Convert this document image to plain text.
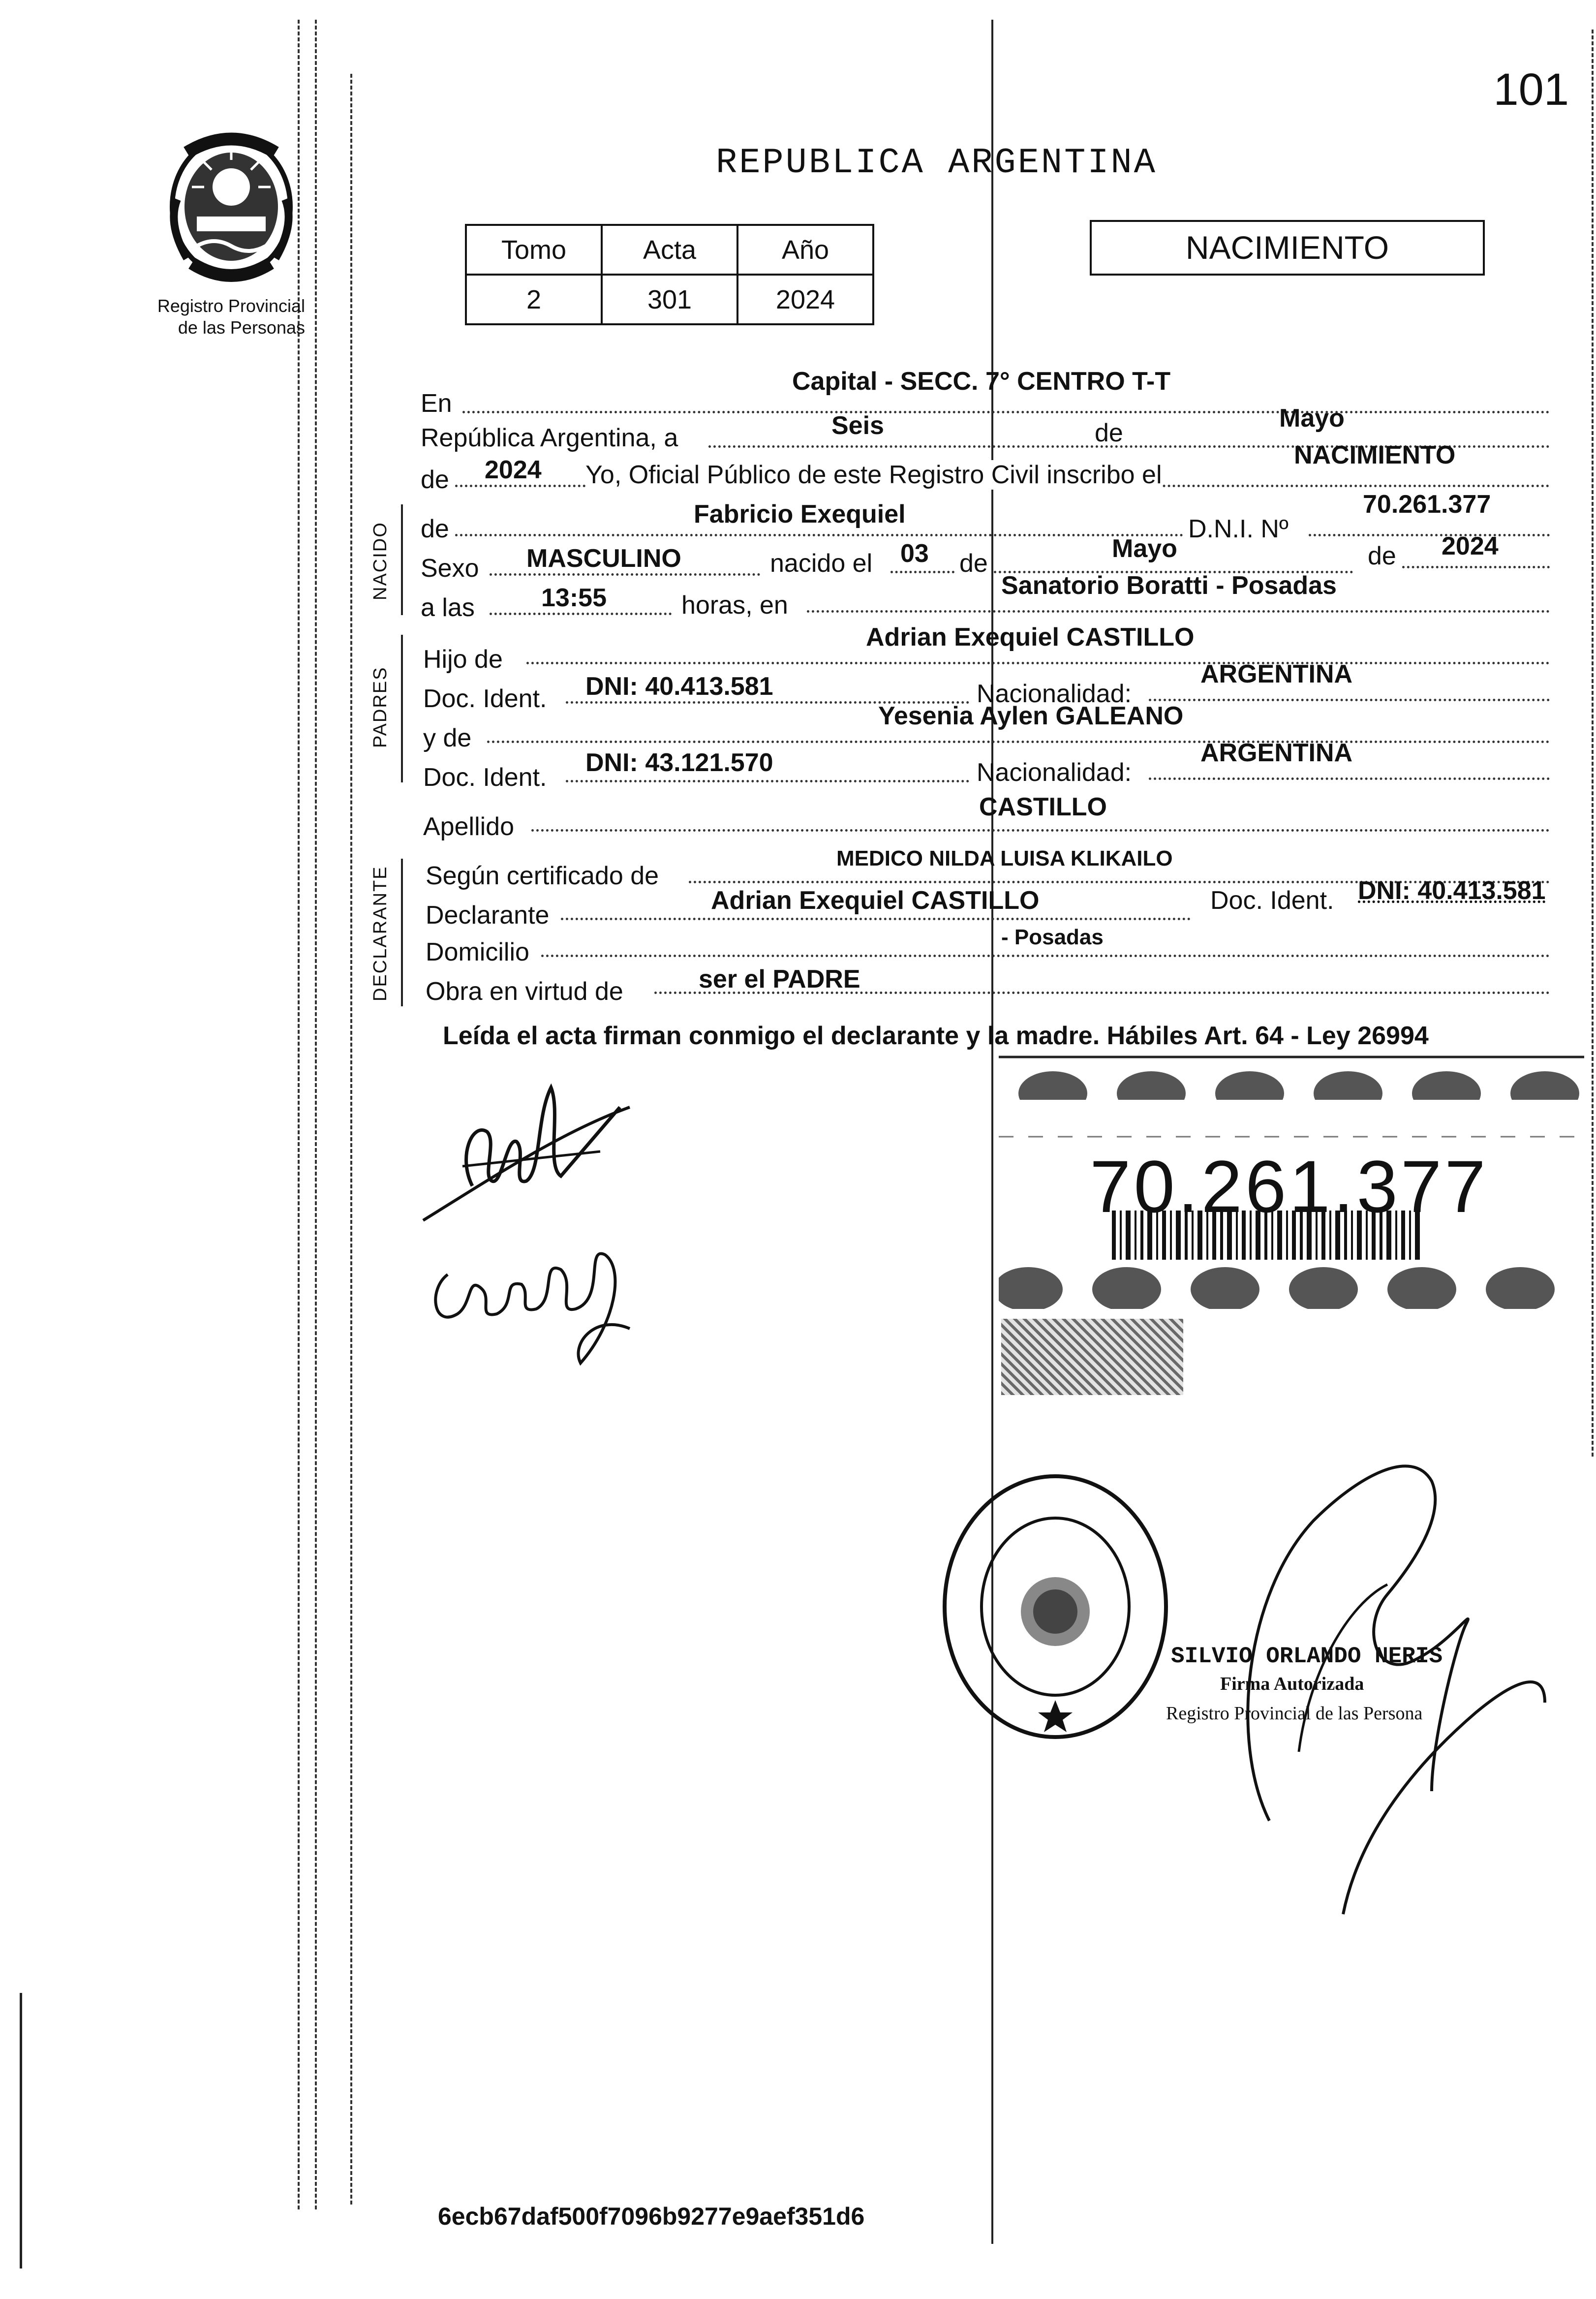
101
Registro Provincial
de las Personas
REPUBLICA ARGENTINA
Tomo	Acta	Año
2	301	2024
NACIMIENTO
En
Capital - SECC. 7° CENTRO T-T
República Argentina, a	Seis	de
Mayo
de 2024 Yo, Oficial Público de este Registro Civil inscribo el
NACIMIENTO
NACIDO de
Fabricio Exequiel
D.N.I. Nº
70.261.377
Sexo MASCULINO	nacido el 03 de
Mayo	de 2024
a las	13:55	horas, en
Sanatorio Boratti - Posadas
PADRES
Hijo de
Adrian Exequiel CASTILLO
Doc. Ident. DNI: 40.413.581	Nacionalidad:
ARGENTINA
y de
Yesenia Aylen GALEANO
Doc. Ident.
DNI: 43.121.570	Nacionalidad:
ARGENTINA
Apellido
CASTILLO
DECLARANTE Según certificado de
MEDICO NILDA LUISA KLIKAILO
Declarante
Adrian Exequiel CASTILLO	Doc. Ident. DNI: 40.413.581
Domicilio
- Posadas
Obra en virtud de	ser el PADRE
Leída el acta firman conmigo el declarante y la madre. Hábiles Art. 64 - Ley 26994
70.261.377
SILVIO ORLANDO NERIS
Firma Autorizada
Registro Provincial de las Persona
6ecb67daf500f7096b9277e9aef351d6
